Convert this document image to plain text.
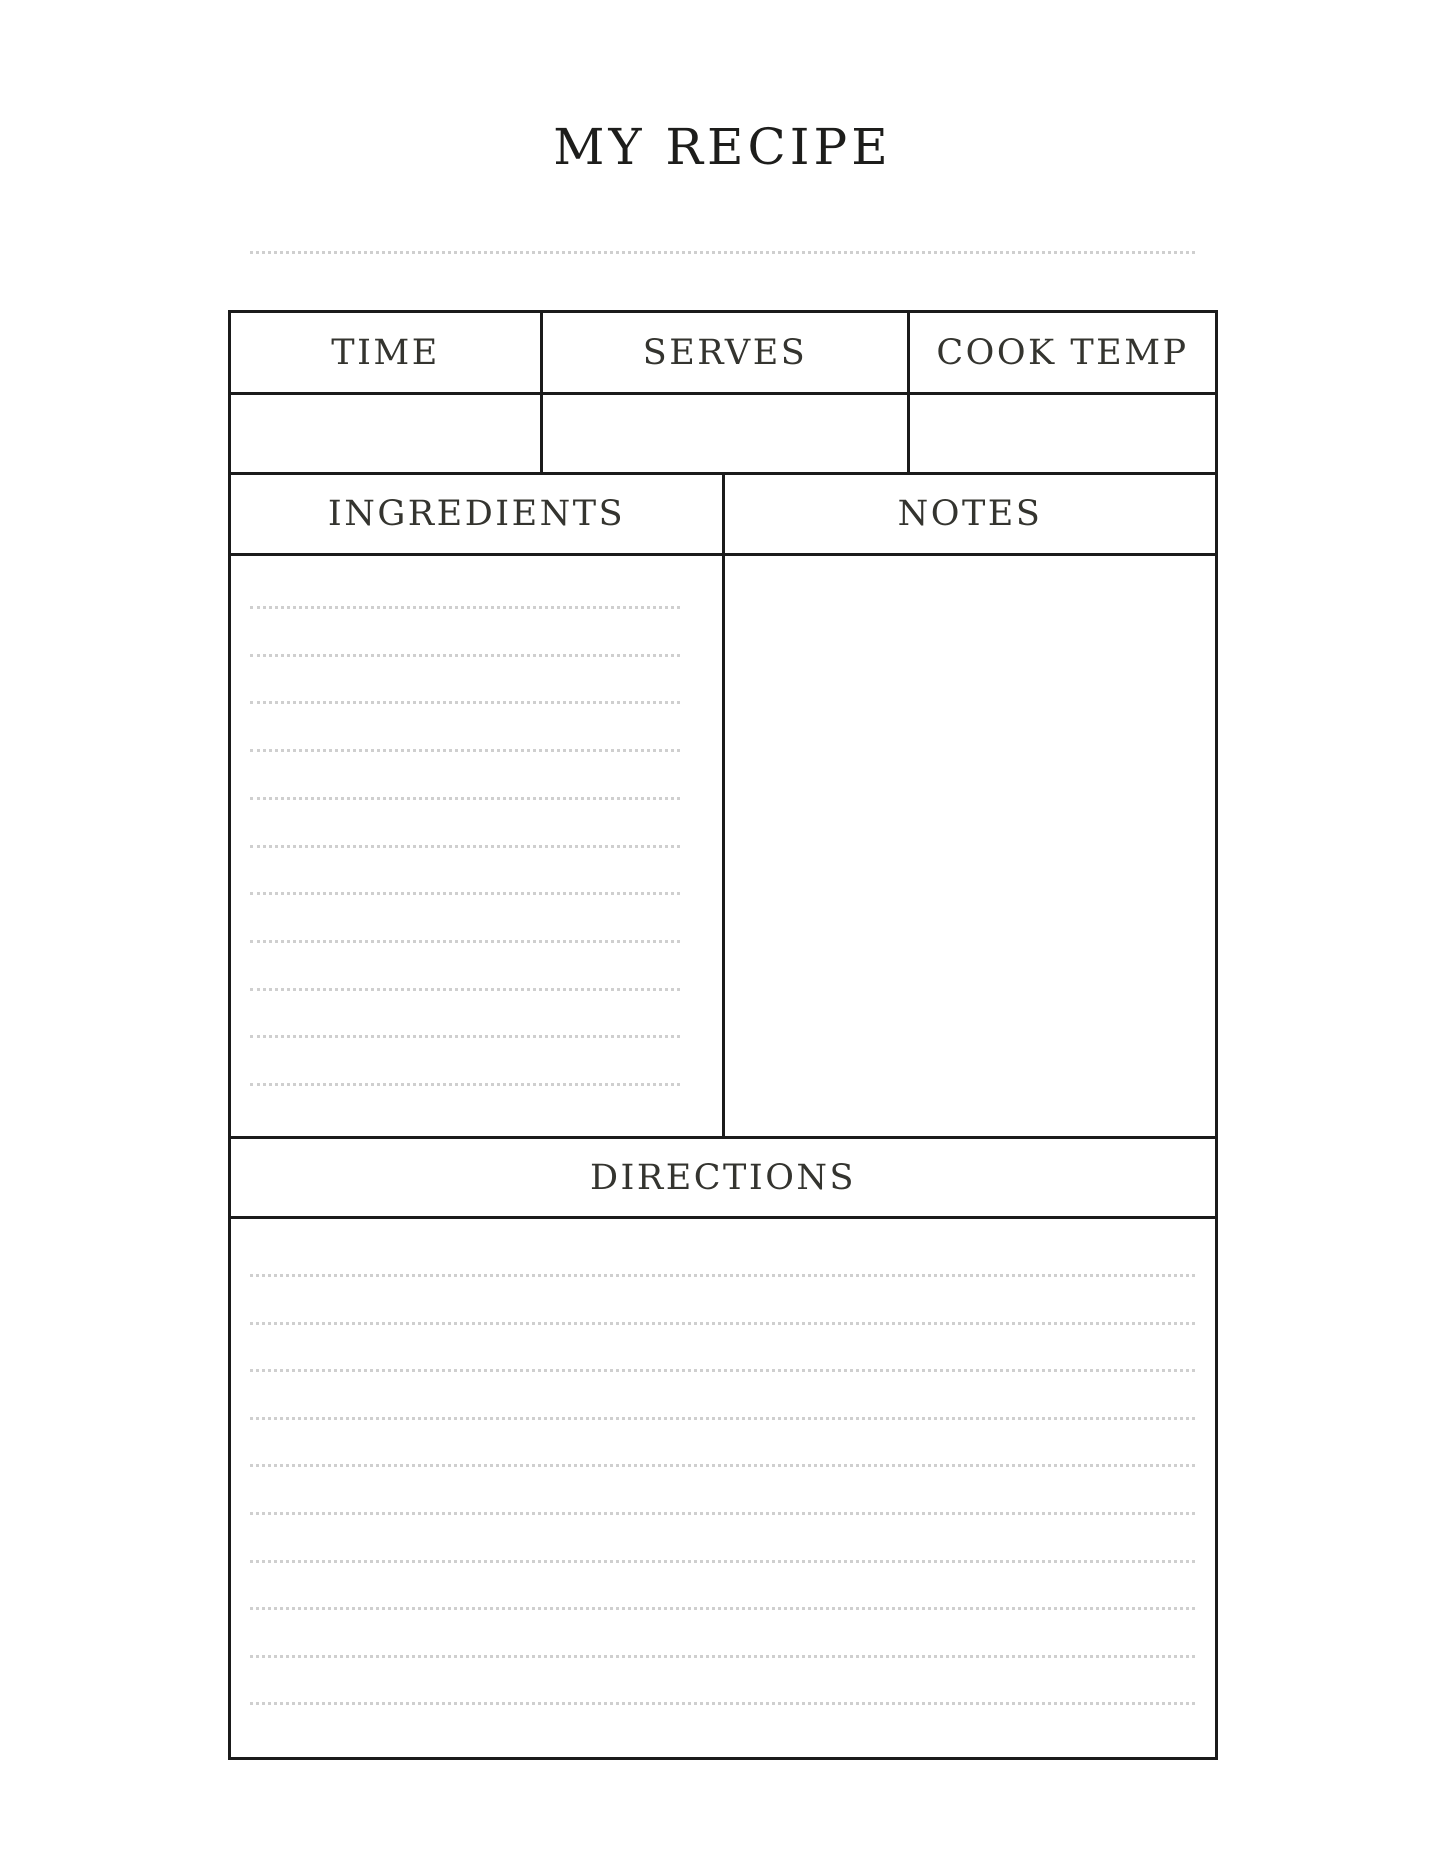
MY RECIPE
TIME	SERVES	COOK TEMP
INGREDIENTS	NOTES
DIRECTIONS
